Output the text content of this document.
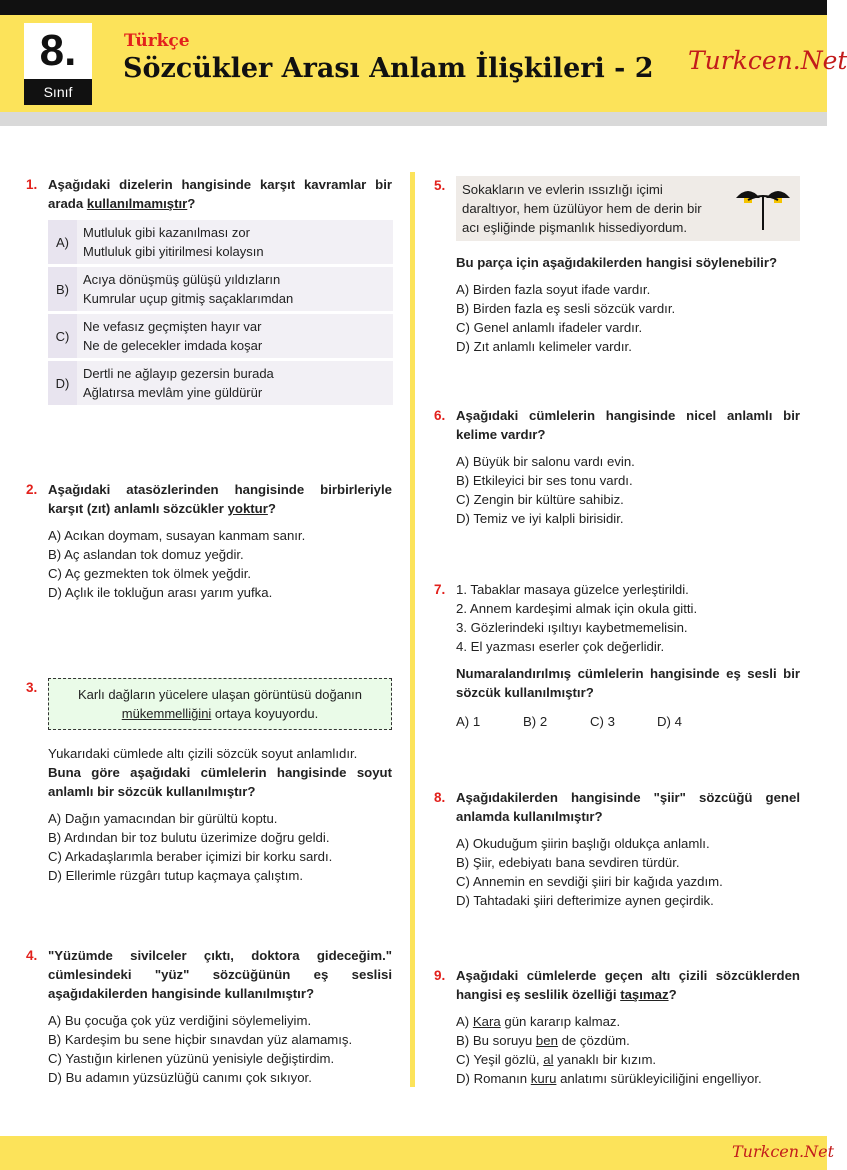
8.
Sınıf
Türkçe
Sözcükler Arası Anlam İlişkileri - 2 Turkcen.Net
1. Aşağıdaki dizelerin hangisinde karşıt kavramlar bir arada kullanılmamıştır?
A)	Mutluluk gibi kazanılması zor
Mutluluk gibi yitirilmesi kolaysın

B)	Acıya dönüşmüş gülüşü yıldızların
Kumrular uçup gitmiş saçaklarımdan

C)	Ne vefasız geçmişten hayır var
Ne de gelecekler imdada koşar

D)	Dertli ne ağlayıp gezersin burada
Ağlatırsa mevlâm yine güldürür
2. Aşağıdaki atasözlerinden hangisinde birbirleriyle karşıt (zıt) anlamlı sözcükler yoktur?
A) Acıkan doymam, susayan kanmam sanır.
B) Aç aslandan tok domuz yeğdir.
C) Aç gezmekten tok ölmek yeğdir.
D) Açlık ile tokluğun arası yarım yufka.
3.	Karlı dağların yücelere ulaşan görüntüsü doğanın
mükemmelliğini ortaya koyuyordu.
Yukarıdaki cümlede altı çizili sözcük soyut anlamlıdır.
Buna göre aşağıdaki cümlelerin hangisinde soyut anlamlı bir sözcük kullanılmıştır?
A) Dağın yamacından bir gürültü koptu.
B) Ardından bir toz bulutu üzerimize doğru geldi.
C) Arkadaşlarımla beraber içimizi bir korku sardı.
D) Ellerimle rüzgârı tutup kaçmaya çalıştım.
4. "Yüzümde sivilceler çıktı, doktora gideceğim." cümlesindeki "yüz" sözcüğünün eş seslisi aşağıdakilerden hangisinde kullanılmıştır?
A) Bu çocuğa çok yüz verdiğini söylemeliyim.
B) Kardeşim bu sene hiçbir sınavdan yüz alamamış.
C) Yastığın kirlenen yüzünü yenisiyle değiştirdim.
D) Bu adamın yüzsüzlüğü canımı çok sıkıyor.
5.	Sokakların ve evlerin ıssızlığı içimi daraltıyor, hem üzülüyor hem de derin bir acı eşliğinde pişmanlık hissediyordum.
Bu parça için aşağıdakilerden hangisi söylenebilir?
A) Birden fazla soyut ifade vardır.
B) Birden fazla eş sesli sözcük vardır.
C) Genel anlamlı ifadeler vardır.
D) Zıt anlamlı kelimeler vardır.
6. Aşağıdaki cümlelerin hangisinde nicel anlamlı bir kelime vardır?
A) Büyük bir salonu vardı evin.
B) Etkileyici bir ses tonu vardı.
C) Zengin bir kültüre sahibiz.
D) Temiz ve iyi kalpli birisidir.
7. 1. Tabaklar masaya güzelce yerleştirildi.
2. Annem kardeşimi almak için okula gitti.
3. Gözlerindeki ışıltıyı kaybetmemelisin.
4. El yazması eserler çok değerlidir.
Numaralandırılmış cümlelerin hangisinde eş sesli bir sözcük kullanılmıştır?
A) 1	B) 2	C) 3	D) 4
8. Aşağıdakilerden hangisinde "şiir" sözcüğü genel anlamda kullanılmıştır?
A) Okuduğum şiirin başlığı oldukça anlamlı.
B) Şiir, edebiyatı bana sevdiren türdür.
C) Annemin en sevdiği şiiri bir kağıda yazdım.
D) Tahtadaki şiiri defterimize aynen geçirdik.
9. Aşağıdaki cümlelerde geçen altı çizili sözcüklerden hangisi eş seslilik özelliği taşımaz?
A) Kara gün kararıp kalmaz.
B) Bu soruyu ben de çözdüm.
C) Yeşil gözlü, al yanaklı bir kızım.
D) Romanın kuru anlatımı sürükleyiciliğini engelliyor.
Turkcen.Net
